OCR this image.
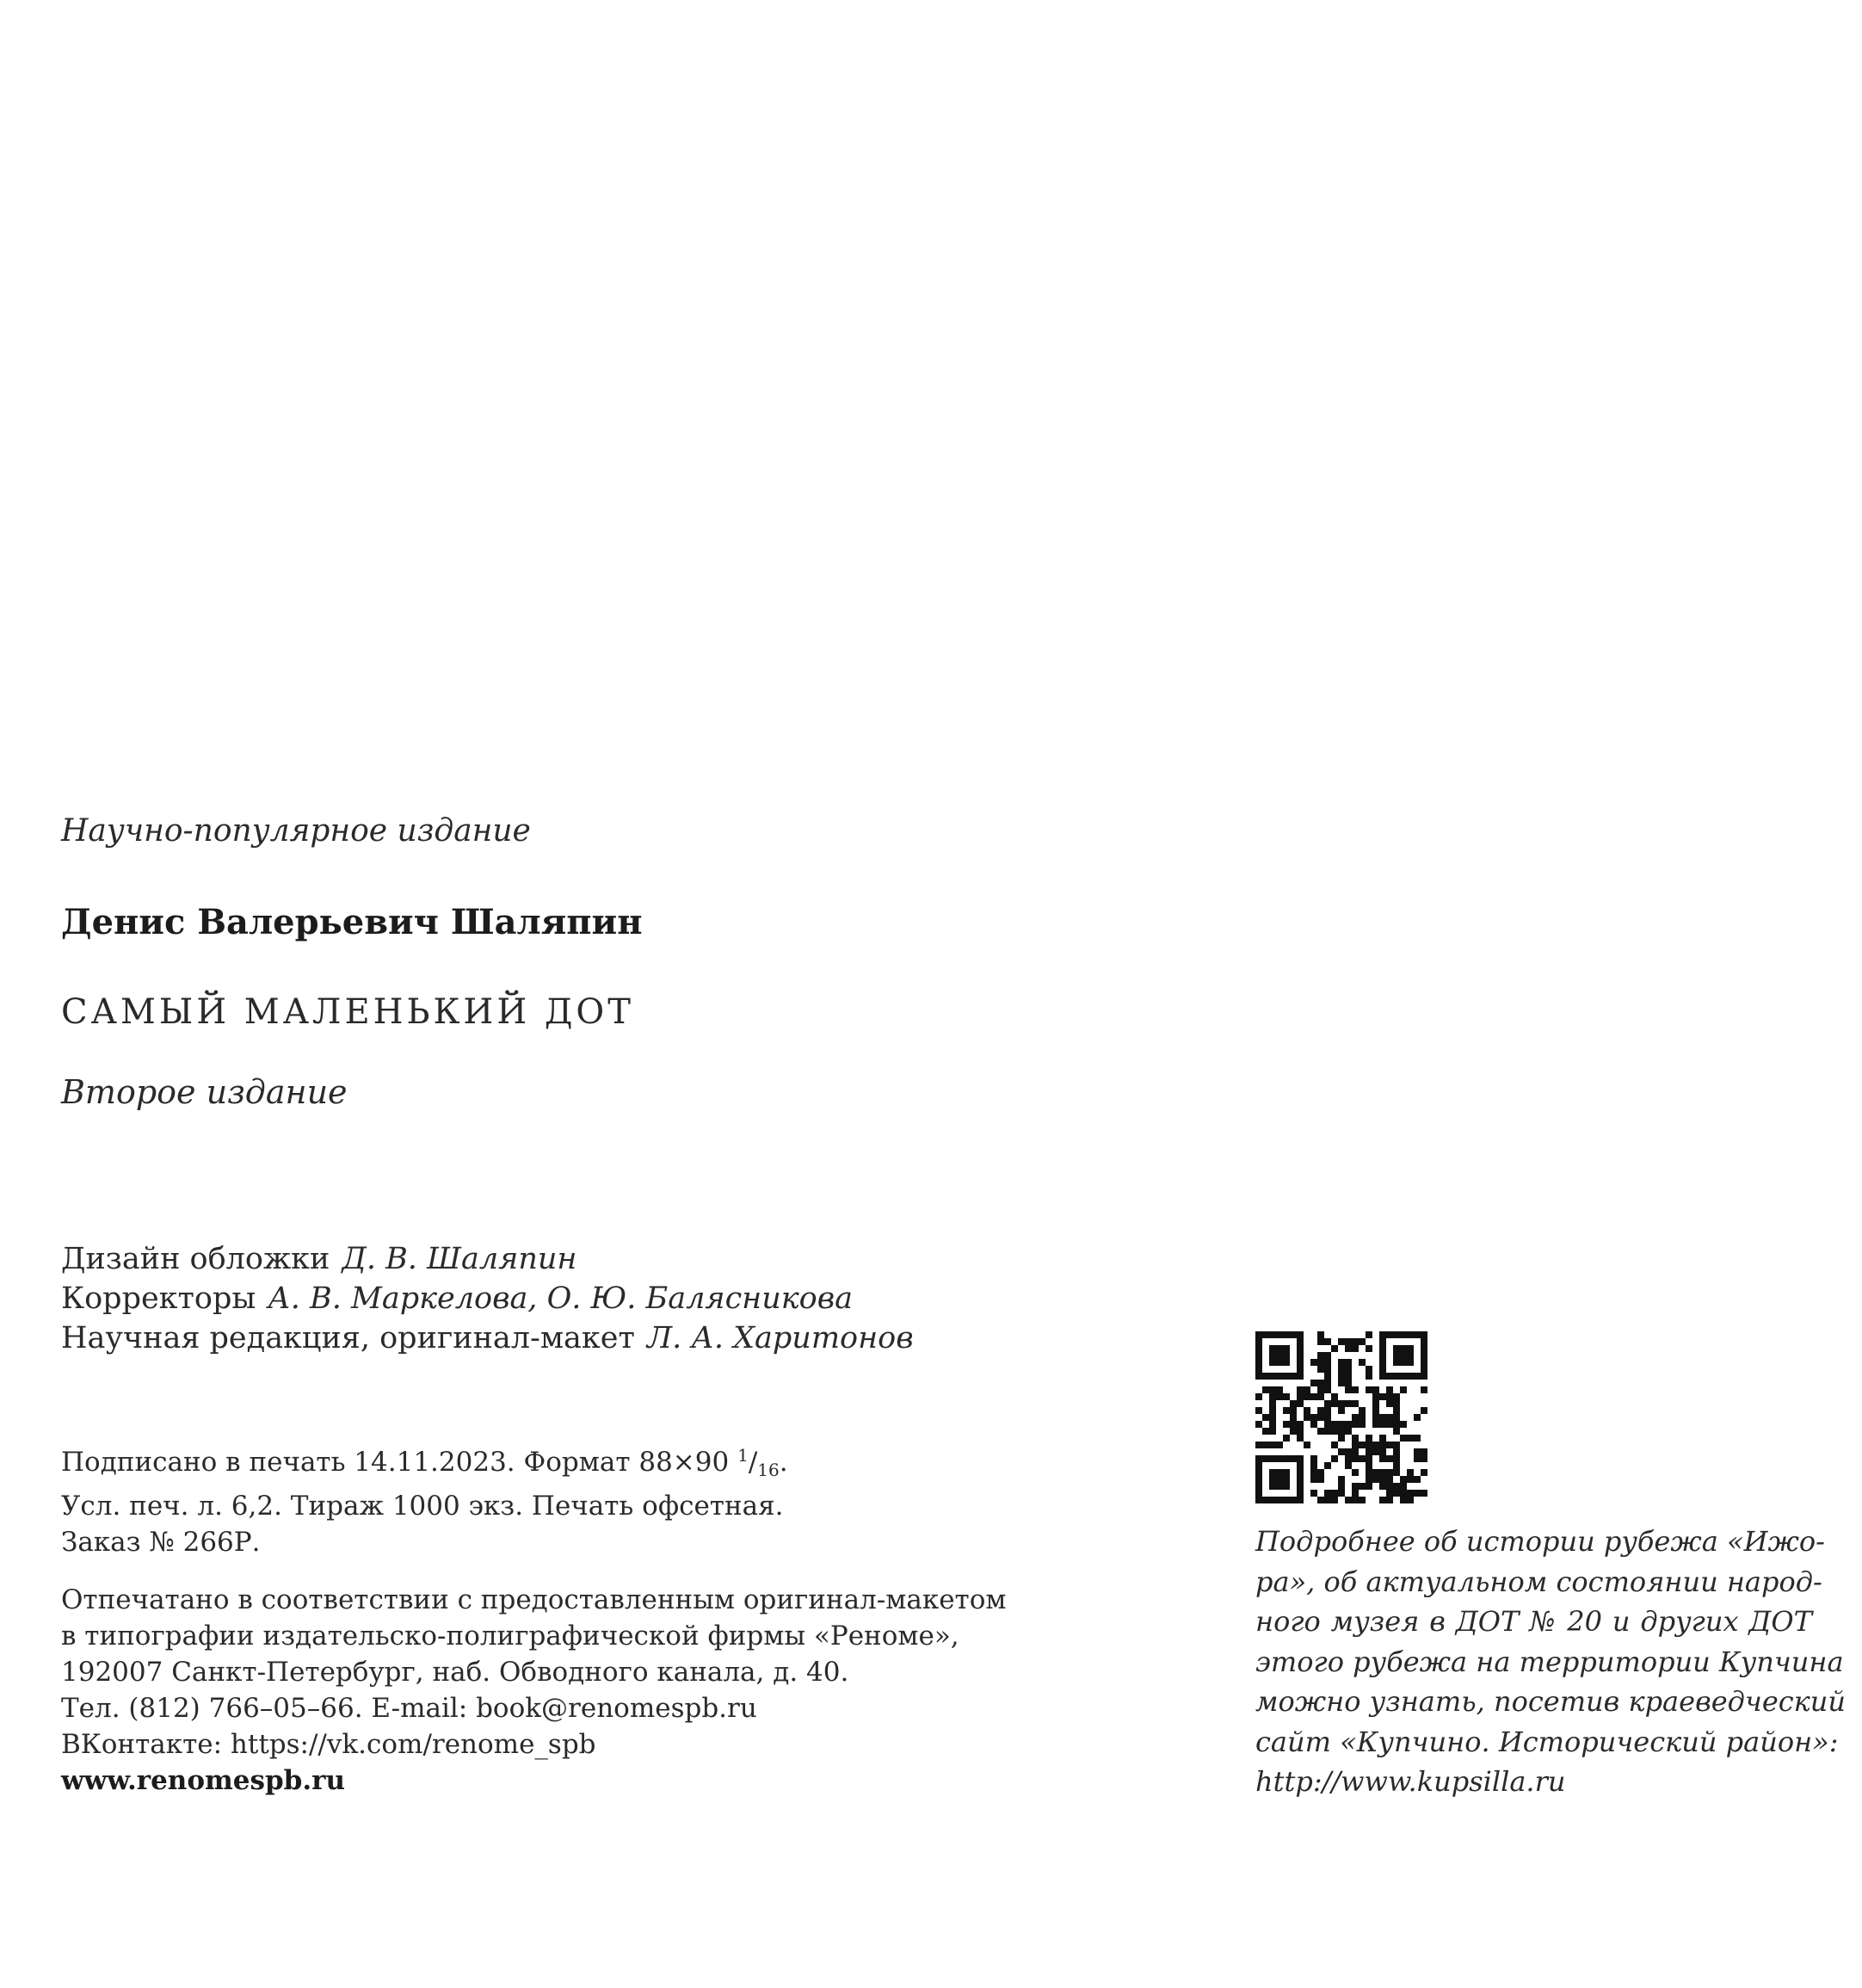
Научно-популярное издание
Денис Валерьевич Шаляпин
САМЫЙ МАЛЕНЬКИЙ ДОТ
Второе издание
Дизайн обложки Д. В. Шаляпин
Корректоры А. В. Маркелова, О. Ю. Балясникова
Научная редакция, оригинал-макет Л. А. Харитонов
Подписано в печать 14.11.2023. Формат 88×90 $^1/_{16}$.
Усл. печ. л. 6,2. Тираж 1000 экз. Печать офсетная.
Заказ № 266Р.
Отпечатано в соответствии с предоставленным оригинал-макетом
в типографии издательско-полиграфической фирмы «Реноме»,
192007 Санкт-Петербург, наб. Обводного канала, д. 40.
Тел. (812) 766–05–66. E-mail: book@renomespb.ru
ВКонтакте: https://vk.com/renome_spb
www.renomespb.ru
Подробнее об истории рубежа «Ижо-
ра», об актуальном состоянии народ-
ного музея в ДОТ № 20 и других ДОТ
этого рубежа на территории Купчина
можно узнать, посетив краеведческий
сайт «Купчино. Исторический район»:
http://www.kupsilla.ru
